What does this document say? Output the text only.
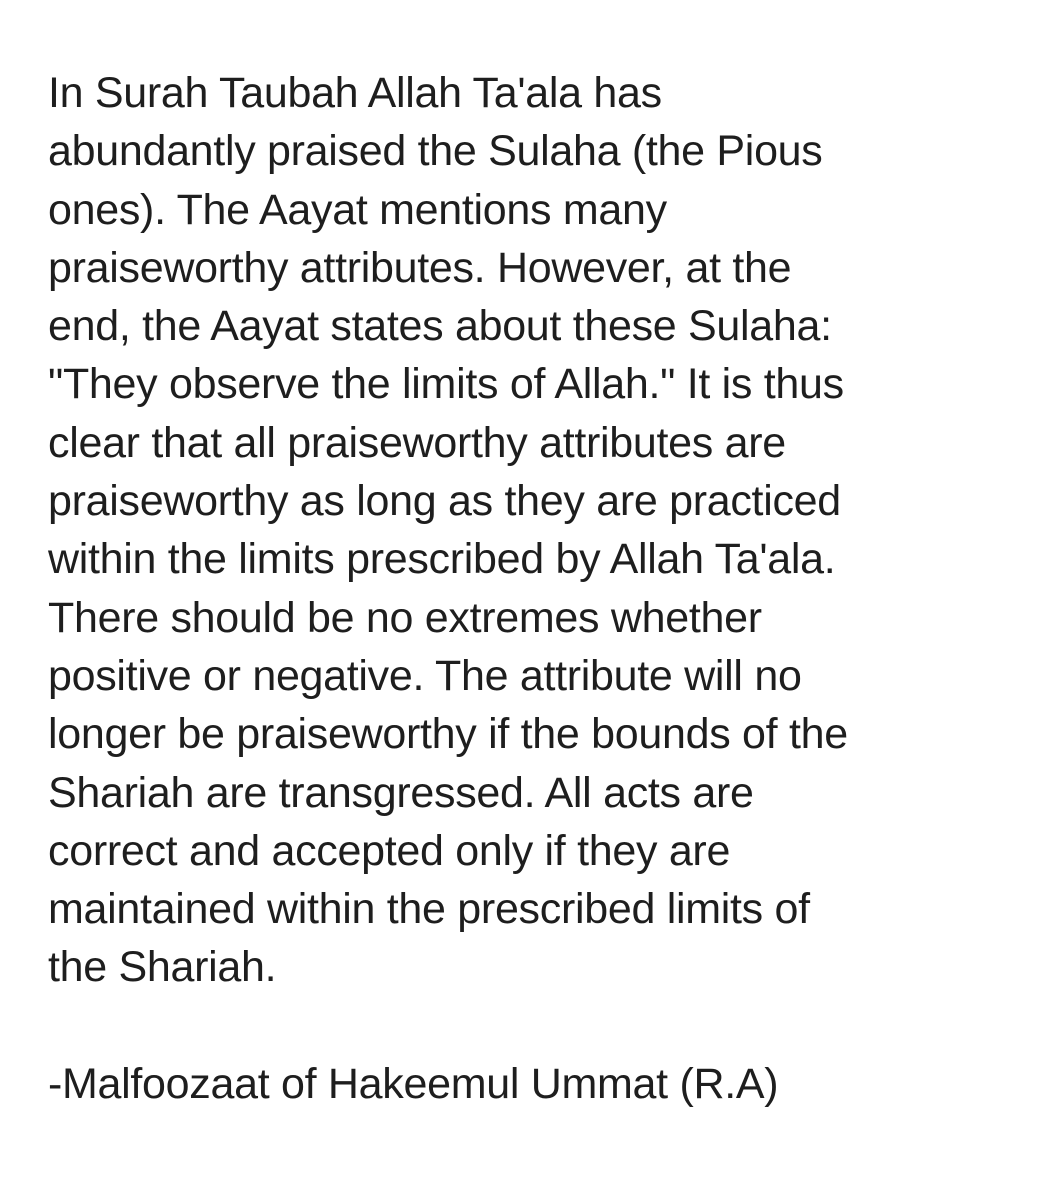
In Surah Taubah Allah Ta'ala has
abundantly praised the Sulaha (the Pious
ones). The Aayat mentions many
praiseworthy attributes. However, at the
end, the Aayat states about these Sulaha:
"They observe the limits of Allah." It is thus
clear that all praiseworthy attributes are
praiseworthy as long as they are practiced
within the limits prescribed by Allah Ta'ala.
There should be no extremes whether
positive or negative. The attribute will no
longer be praiseworthy if the bounds of the
Shariah are transgressed. All acts are
correct and accepted only if they are
maintained within the prescribed limits of
the Shariah.
-Malfoozaat of Hakeemul Ummat (R.A)
